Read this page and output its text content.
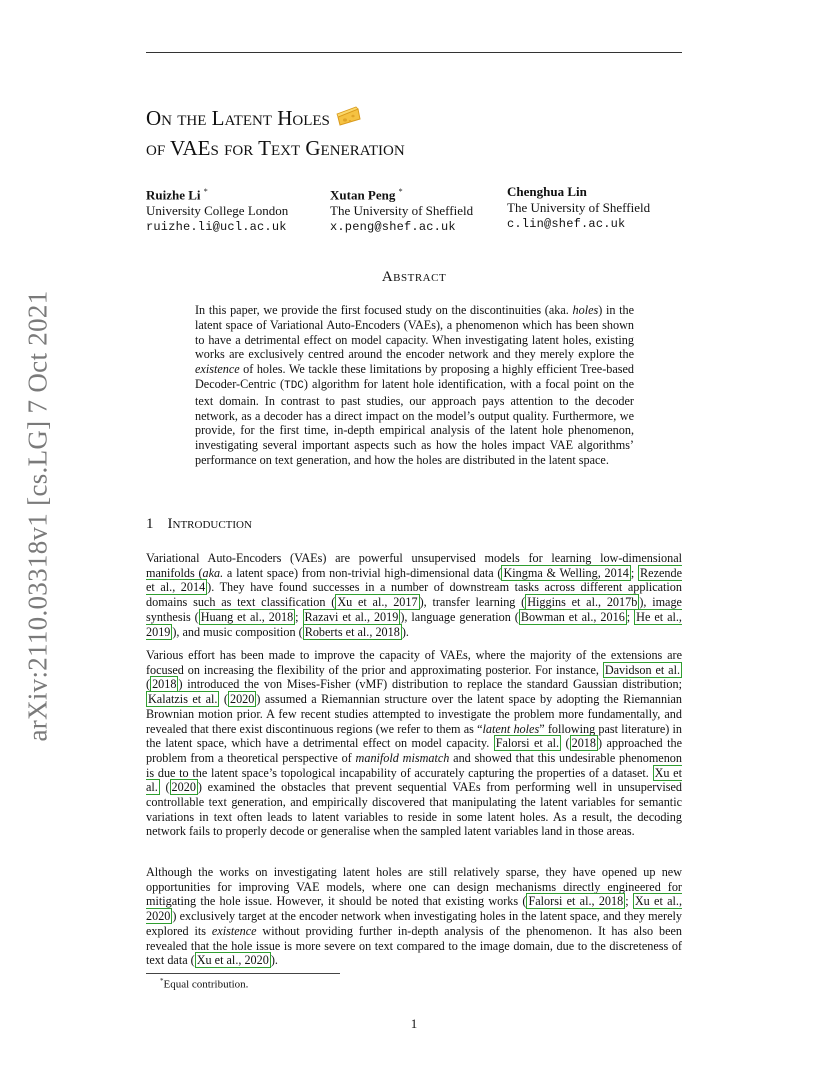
arXiv:2110.03318v1 [cs.LG] 7 Oct 2021
On the Latent Holes
of VAEs for Text Generation
Ruizhe Li *
University College London
ruizhe.li@ucl.ac.uk
Xutan Peng *
The University of Sheffield
x.peng@shef.ac.uk
Chenghua Lin
The University of Sheffield
c.lin@shef.ac.uk
Abstract
In this paper, we provide the first focused study on the discontinuities (aka. holes) in the latent space of Variational Auto-Encoders (VAEs), a phenomenon which has been shown to have a detrimental effect on model capacity. When investigating latent holes, existing works are exclusively centred around the encoder network and they merely explore the existence of holes. We tackle these limitations by proposing a highly efficient Tree-based Decoder-Centric (TDC) algorithm for latent hole identification, with a focal point on the text domain. In contrast to past studies, our approach pays attention to the decoder network, as a decoder has a direct impact on the model’s output quality. Furthermore, we provide, for the first time, in-depth empirical analysis of the latent hole phenomenon, investigating several important aspects such as how the holes impact VAE algorithms’ performance on text generation, and how the holes are distributed in the latent space.
1 Introduction

Variational Auto-Encoders (VAEs) are powerful unsupervised models for learning low-dimensional manifolds (aka. a latent space) from non-trivial high-dimensional data ( Kingma & Welling, 2014 ; Rezende et al., 2014 ). They have found successes in a number of downstream tasks across different application domains such as text classification ( Xu et al., 2017 ), transfer learning ( Higgins et al., 2017b ), image synthesis ( Huang et al., 2018 ; Razavi et al., 2019 ), language generation ( Bowman et al., 2016 ; He et al., 2019 ), and music composition ( Roberts et al., 2018 ).

Various effort has been made to improve the capacity of VAEs, where the majority of the extensions are focused on increasing the flexibility of the prior and approximating posterior. For instance, Davidson et al. ( 2018 ) introduced the von Mises-Fisher (vMF) distribution to replace the standard Gaussian distribution; Kalatzis et al. ( 2020 ) assumed a Riemannian structure over the latent space by adopting the Riemannian Brownian motion prior. A few recent studies attempted to investigate the problem more fundamentally, and revealed that there exist discontinuous regions (we refer to them as “latent holes” following past literature) in the latent space, which have a detrimental effect on model capacity. Falorsi et al. ( 2018 ) approached the problem from a theoretical perspective of manifold mismatch and showed that this undesirable phenomenon is due to the latent space’s topological incapability of accurately capturing the properties of a dataset. Xu et al. ( 2020 ) examined the obstacles that prevent sequential VAEs from performing well in unsupervised controllable text generation, and empirically discovered that manipulating the latent variables for semantic variations in text often leads to latent variables to reside in some latent holes. As a result, the decoding network fails to properly decode or generalise when the sampled latent variables land in those areas.

Although the works on investigating latent holes are still relatively sparse, they have opened up new opportunities for improving VAE models, where one can design mechanisms directly engineered for mitigating the hole issue. However, it should be noted that existing works ( Falorsi et al., 2018 ; Xu et al., 2020 ) exclusively target at the encoder network when investigating holes in the latent space, and they merely explored its existence without providing further in-depth analysis of the phenomenon. It has also been revealed that the hole issue is more severe on text compared to the image domain, due to the discreteness of text data ( Xu et al., 2020 ).

*Equal contribution.
1
